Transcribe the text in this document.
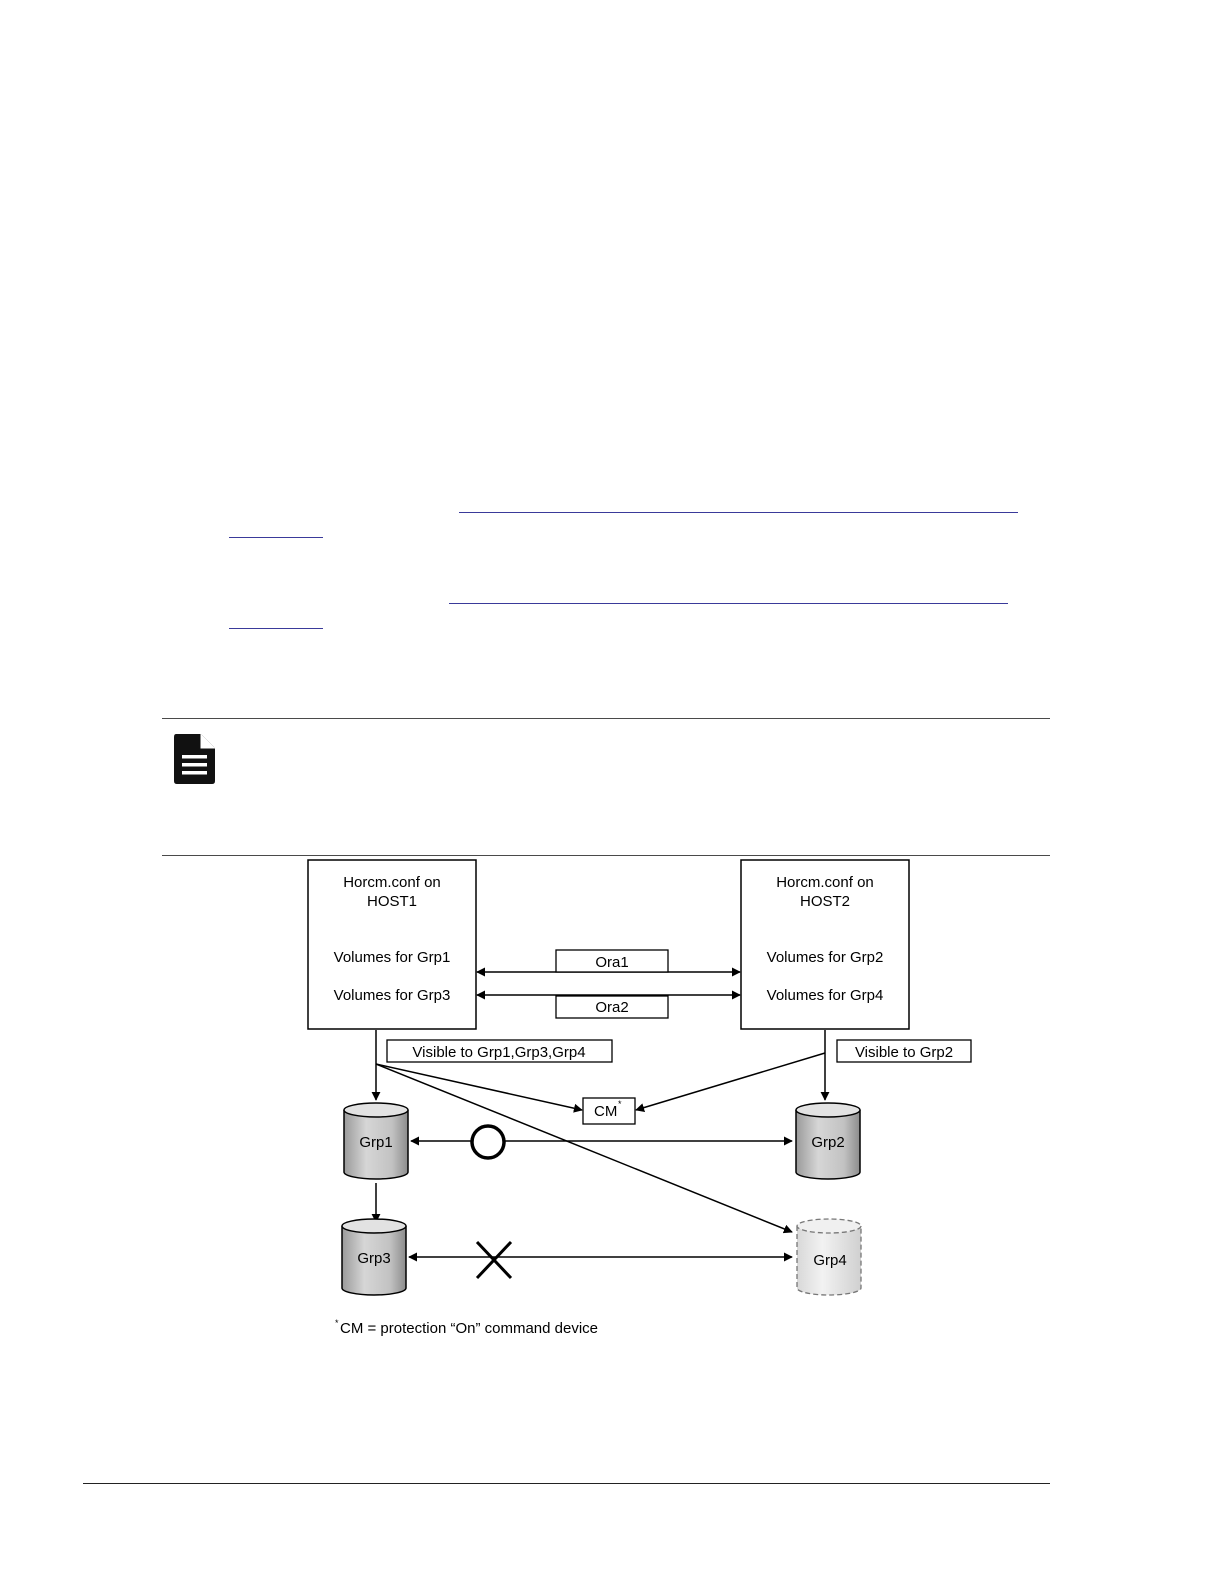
Horcm.conf on
HOST1
Volumes for Grp1
Volumes for Grp3
Horcm.conf on
HOST2
Volumes for Grp2
Volumes for Grp4
Ora1
Ora2
Visible to Grp1,Grp3,Grp4	Visible to Grp2
CM *
Grp1	Grp2
Grp3	Grp4
* CM = protection “On” command device
